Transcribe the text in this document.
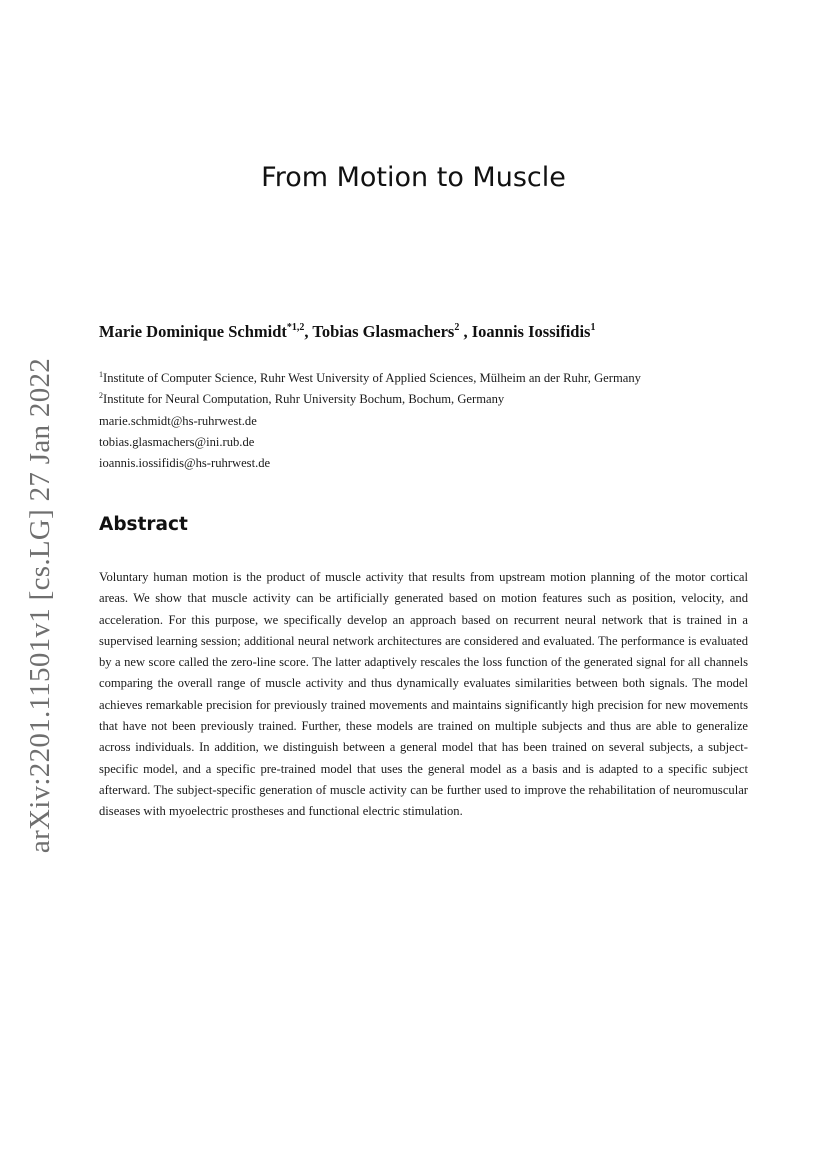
arXiv:2201.11501v1 [cs.LG] 27 Jan 2022
From Motion to Muscle

Marie Dominique Schmidt$^{*1,2}$, Tobias Glasmachers$^2$ , Ioannis Iossifidis$^1$

$^1$Institute of Computer Science, Ruhr West University of Applied Sciences, Mülheim an der Ruhr, Germany
$^2$Institute for Neural Computation, Ruhr University Bochum, Bochum, Germany
marie.schmidt@hs-ruhrwest.de
tobias.glasmachers@ini.rub.de
ioannis.iossifidis@hs-ruhrwest.de
Abstract

Voluntary human motion is the product of muscle activity that results from upstream motion planning of the motor cortical areas. We show that muscle activity can be artificially generated based on motion features such as position, velocity, and acceleration. For this purpose, we specifically develop an approach based on recurrent neural network that is trained in a supervised learning session; additional neural network architectures are considered and evaluated. The performance is evaluated by a new score called the zero-line score. The latter adaptively rescales the loss function of the generated signal for all channels comparing the overall range of muscle activity and thus dynamically evaluates similarities between both signals. The model achieves remarkable precision for previously trained movements and maintains significantly high precision for new movements that have not been previously trained. Further, these models are trained on multiple subjects and thus are able to generalize across individuals. In addition, we distinguish between a general model that has been trained on several subjects, a subject-specific model, and a specific pre-trained model that uses the general model as a basis and is adapted to a specific subject afterward. The subject-specific generation of muscle activity can be further used to improve the rehabilitation of neuromuscular diseases with myoelectric prostheses and functional electric stimulation.
